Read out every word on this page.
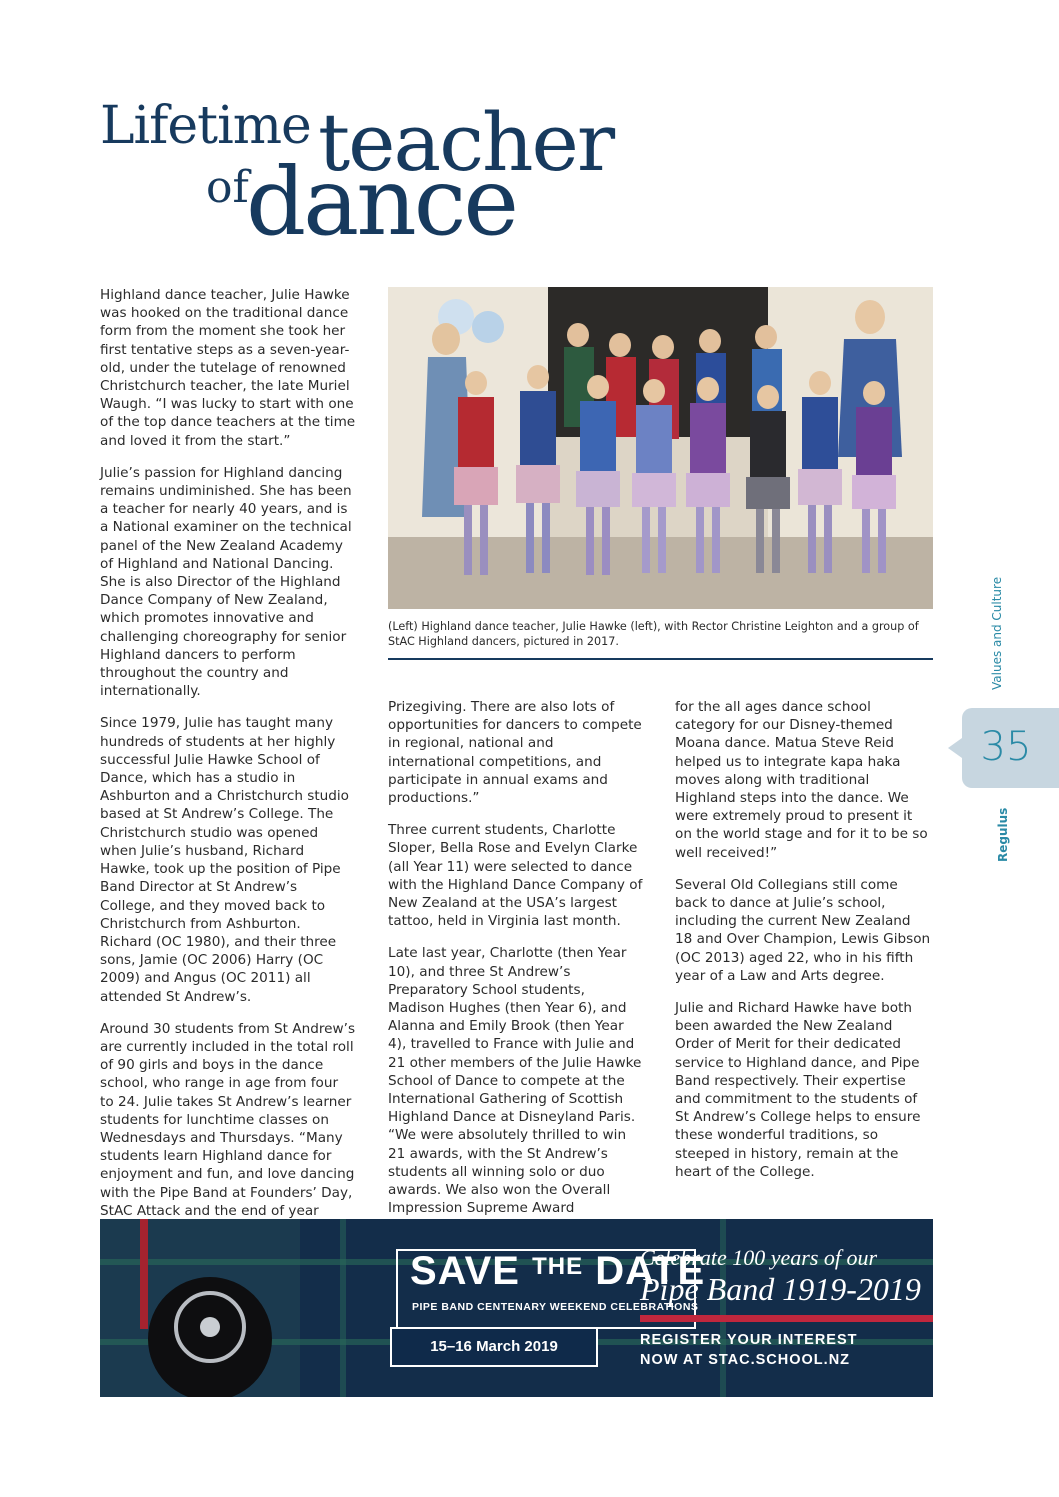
Lifetime teacher
of
dance

Highland dance teacher, Julie Hawke was hooked on the traditional dance form from the moment she took her first tentative steps as a seven-year-old, under the tutelage of renowned Christchurch teacher, the late Muriel Waugh. “I was lucky to start with one of the top dance teachers at the time and loved it from the start.”

Julie’s passion for Highland dancing remains undiminished. She has been a teacher for nearly 40 years, and is a National examiner on the technical panel of the New Zealand Academy of Highland and National Dancing. She is also Director of the Highland Dance Company of New Zealand, which promotes innovative and challenging choreography for senior Highland dancers to perform throughout the country and internationally.

Since 1979, Julie has taught many hundreds of students at her highly successful Julie Hawke School of Dance, which has a studio in Ashburton and a Christchurch studio based at St Andrew’s College. The Christchurch studio was opened when Julie’s husband, Richard Hawke, took up the position of Pipe Band Director at St Andrew’s College, and they moved back to Christchurch from Ashburton. Richard (OC 1980), and their three sons, Jamie (OC 2006) Harry (OC 2009) and Angus (OC 2011) all attended St Andrew’s.

Around 30 students from St Andrew’s are currently included in the total roll of 90 girls and boys in the dance school, who range in age from four to 24. Julie takes St Andrew’s learner students for lunchtime classes on Wednesdays and Thursdays. “Many students learn Highland dance for enjoyment and fun, and love dancing with the Pipe Band at Founders’ Day, StAC Attack and the end of year

(Left) Highland dance teacher, Julie Hawke (left), with Rector Christine Leighton and a group of StAC Highland dancers, pictured in 2017.

Prizegiving. There are also lots of opportunities for dancers to compete in regional, national and international competitions, and participate in annual exams and productions.”

Three current students, Charlotte Sloper, Bella Rose and Evelyn Clarke (all Year 11) were selected to dance with the Highland Dance Company of New Zealand at the USA’s largest tattoo, held in Virginia last month.

Late last year, Charlotte (then Year 10), and three St Andrew’s Preparatory School students, Madison Hughes (then Year 6), and Alanna and Emily Brook (then Year 4), travelled to France with Julie and 21 other members of the Julie Hawke School of Dance to compete at the International Gathering of Scottish Highland Dance at Disneyland Paris. “We were absolutely thrilled to win 21 awards, with the St Andrew’s students all winning solo or duo awards. We also won the Overall Impression Supreme Award

for the all ages dance school category for our Disney-themed Moana dance. Matua Steve Reid helped us to integrate kapa haka moves along with traditional Highland steps into the dance. We were extremely proud to present it on the world stage and for it to be so well received!”

Several Old Collegians still come back to dance at Julie’s school, including the current New Zealand 18 and Over Champion, Lewis Gibson (OC 2013) aged 22, who in his fifth year of a Law and Arts degree.

Julie and Richard Hawke have both been awarded the New Zealand Order of Merit for their dedicated service to Highland dance, and Pipe Band respectively. Their expertise and commitment to the students of St Andrew’s College helps to ensure these wonderful traditions, so steeped in history, remain at the heart of the College.

Values and Culture
35
Regulus
SAVE $^{THE}$ DATE
PIPE BAND CENTENARY WEEKEND CELEBRATIONS
15–16 March 2019
Celebrate 100 years of our
Pipe Band 1919-2019
REGISTER YOUR INTEREST
NOW AT STAC.SCHOOL.NZ
